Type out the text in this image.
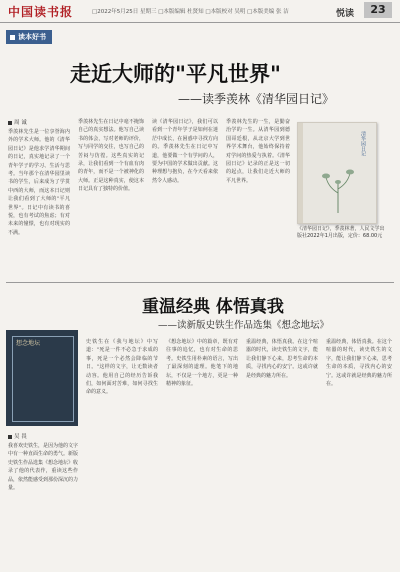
中国读书报	□2022年5月25日 星期三 □本版编辑 杜贤知 □本版校对 吴明 □本版美编 张 洁	悦读	23
读本好书
走近大师的"平凡世界"
——读季羡林《清华园日记》
周 诚
季羡林先生是一位享誉海内外的学术大师。他的《清华园日记》是他求学清华期间的日记，真实地记录了一个青年学子的学习、生活与思考。当年那个在清华园里读书的学生，后来成为了学贯中西的大师，而这本日记则让我们看到了大师的"平凡世界"。日记中有读书的喜悦，也有考试的焦虑；有对未来的憧憬，也有对现实的不满。
季羡林先生在日记中毫不掩饰自己的真实想法。他写自己读书的体会，写对老师的评价，写与同学的交往，也写自己的苦闷与彷徨。这些真实的记录，让我们看到一个有血有肉的青年，而不是一个被神化的大师。正是这种真实，使这本日记具有了独特的价值。
读《清华园日记》，我们可以看到一个青年学子是如何在迷茫中成长，在困惑中寻找方向的。季羡林先生在日记中写道，他要做一个有学问的人，要为中国的学术做出贡献。这种理想与抱负，在今天看来依然令人感动。
季羡林先生的一生，是勤奋治学的一生。从清华园到德国哥廷根，从北京大学到世界学术舞台，他始终保持着对学问的热爱与执着。《清华园日记》记录的正是这一切的起点，让我们走近大师的平凡世界。
清华园日记
《清华园日记》，季羡林著，人民文学出版社2022年1月出版，定价：68.00元
重温经典 体悟真我
——读新版史铁生作品选集《想念地坛》
想念地坛
吴 畏
我喜欢史铁生，是因为他的文字中有一种直面生命的勇气。新版史铁生作品选集《想念地坛》收录了他的代表作，重读这些作品，依然能感受到那份深沉的力量。
史铁生在《我与地坛》中写道："死是一件不必急于求成的事，死是一个必然会降临的节日。"这样的文字，让无数读者动容。他用自己的经历告诉我们，如何面对苦难，如何寻找生命的意义。
《想念地坛》中的篇章，既有对往事的追忆，也有对生命的思考。史铁生用朴素的语言，写出了最深刻的道理。他笔下的地坛，不仅是一个地方，更是一种精神的象征。
重温经典，体悟真我。在这个喧嚣的时代，读史铁生的文字，能让我们静下心来，思考生命的本质，寻找内心的安宁。这或许就是经典的魅力所在。
重温经典，体悟真我。在这个喧嚣的时代，读史铁生的文字，能让我们静下心来，思考生命的本质，寻找内心的安宁。这或许就是经典的魅力所在。
